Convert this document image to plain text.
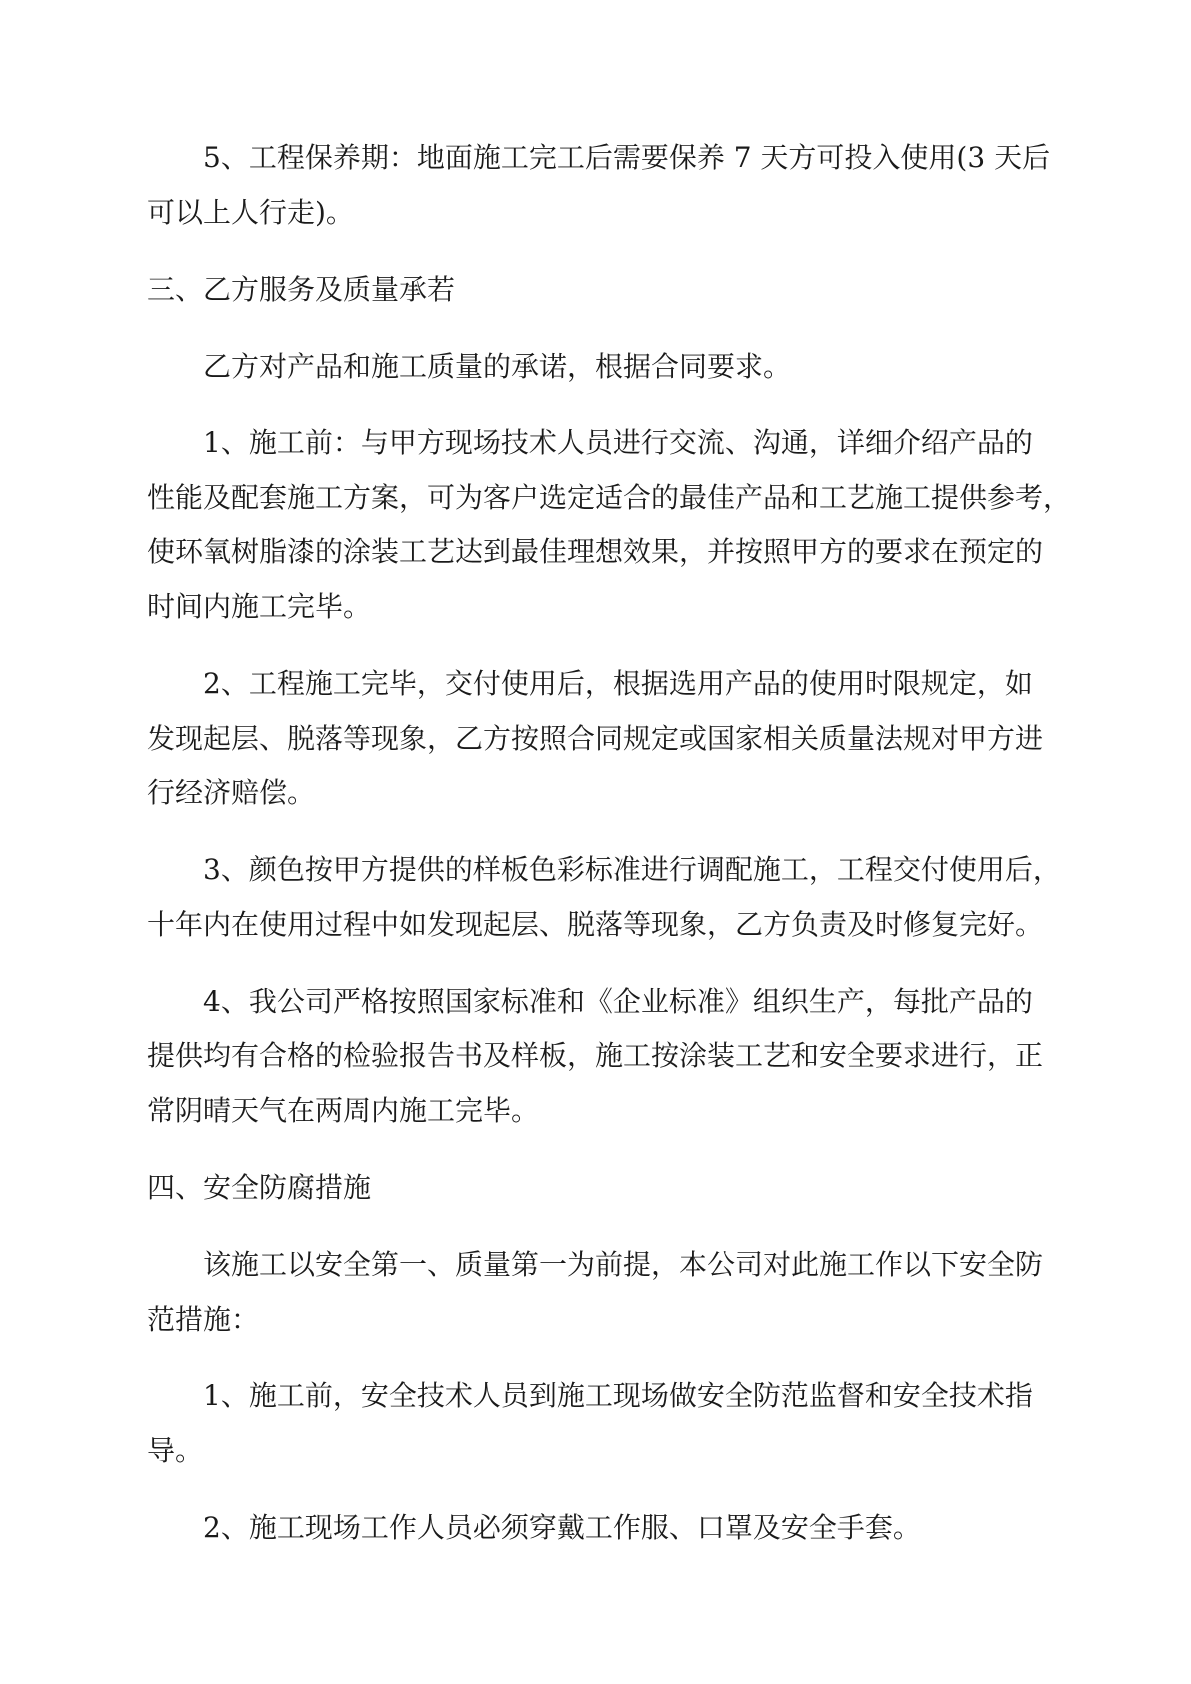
5、工程保养期：地面施工完工后需要保养 7 天方可投入使用(3 天后

可以上人行走)。

三、乙方服务及质量承若

乙方对产品和施工质量的承诺，根据合同要求。

1、施工前：与甲方现场技术人员进行交流、沟通，详细介绍产品的

性能及配套施工方案，可为客户选定适合的最佳产品和工艺施工提供参考，

使环氧树脂漆的涂装工艺达到最佳理想效果，并按照甲方的要求在预定的

时间内施工完毕。

2、工程施工完毕，交付使用后，根据选用产品的使用时限规定，如

发现起层、脱落等现象，乙方按照合同规定或国家相关质量法规对甲方进

行经济赔偿。

3、颜色按甲方提供的样板色彩标准进行调配施工，工程交付使用后，

十年内在使用过程中如发现起层、脱落等现象，乙方负责及时修复完好。

4、我公司严格按照国家标准和《企业标准》组织生产，每批产品的

提供均有合格的检验报告书及样板，施工按涂装工艺和安全要求进行，正

常阴晴天气在两周内施工完毕。

四、安全防腐措施

该施工以安全第一、质量第一为前提，本公司对此施工作以下安全防

范措施：

1、施工前，安全技术人员到施工现场做安全防范监督和安全技术指

导。

2、施工现场工作人员必须穿戴工作服、口罩及安全手套。
